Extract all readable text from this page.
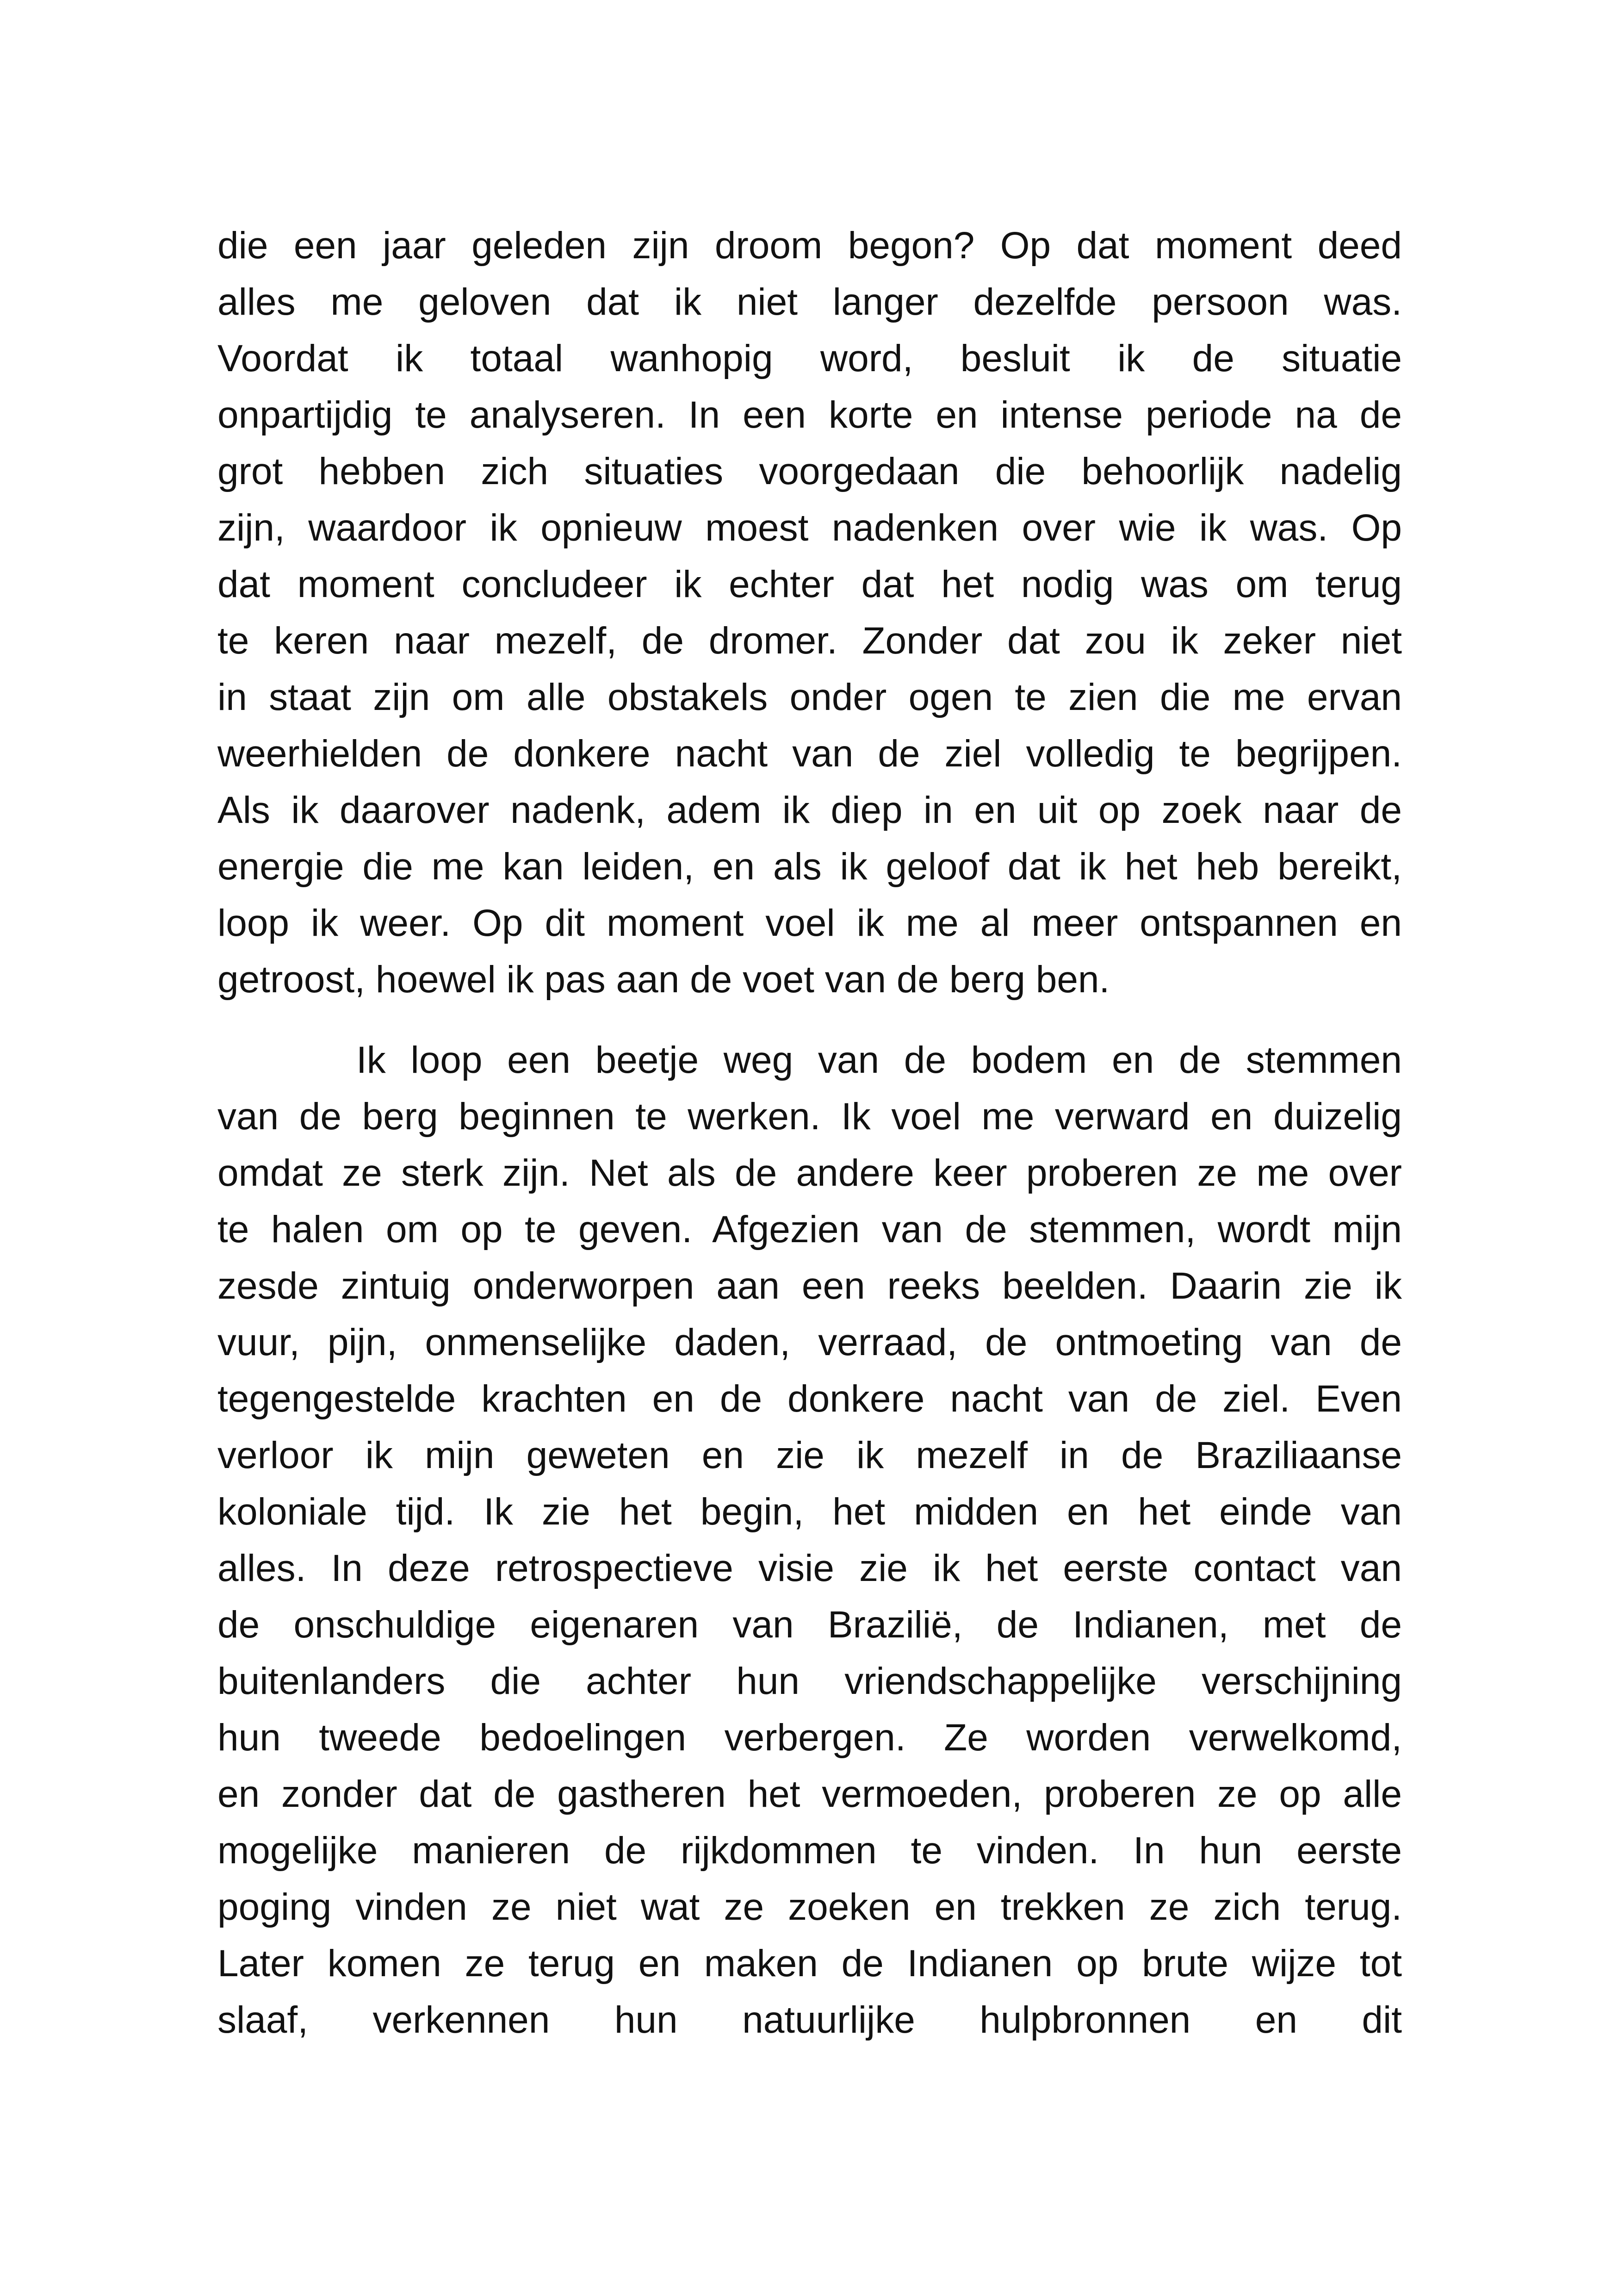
die een jaar geleden zijn droom begon? Op dat moment deed
alles me geloven dat ik niet langer dezelfde persoon was.
Voordat ik totaal wanhopig word, besluit ik de situatie
onpartijdig te analyseren. In een korte en intense periode na de
grot hebben zich situaties voorgedaan die behoorlijk nadelig
zijn, waardoor ik opnieuw moest nadenken over wie ik was. Op
dat moment concludeer ik echter dat het nodig was om terug
te keren naar mezelf, de dromer. Zonder dat zou ik zeker niet
in staat zijn om alle obstakels onder ogen te zien die me ervan
weerhielden de donkere nacht van de ziel volledig te begrijpen.
Als ik daarover nadenk, adem ik diep in en uit op zoek naar de
energie die me kan leiden, en als ik geloof dat ik het heb bereikt,
loop ik weer. Op dit moment voel ik me al meer ontspannen en
getroost, hoewel ik pas aan de voet van de berg ben.
Ik loop een beetje weg van de bodem en de stemmen
van de berg beginnen te werken. Ik voel me verward en duizelig
omdat ze sterk zijn. Net als de andere keer proberen ze me over
te halen om op te geven. Afgezien van de stemmen, wordt mijn
zesde zintuig onderworpen aan een reeks beelden. Daarin zie ik
vuur, pijn, onmenselijke daden, verraad, de ontmoeting van de
tegengestelde krachten en de donkere nacht van de ziel. Even
verloor ik mijn geweten en zie ik mezelf in de Braziliaanse
koloniale tijd. Ik zie het begin, het midden en het einde van
alles. In deze retrospectieve visie zie ik het eerste contact van
de onschuldige eigenaren van Brazilië, de Indianen, met de
buitenlanders die achter hun vriendschappelijke verschijning
hun tweede bedoelingen verbergen. Ze worden verwelkomd,
en zonder dat de gastheren het vermoeden, proberen ze op alle
mogelijke manieren de rijkdommen te vinden. In hun eerste
poging vinden ze niet wat ze zoeken en trekken ze zich terug.
Later komen ze terug en maken de Indianen op brute wijze tot
slaaf, verkennen hun natuurlijke hulpbronnen en dit
